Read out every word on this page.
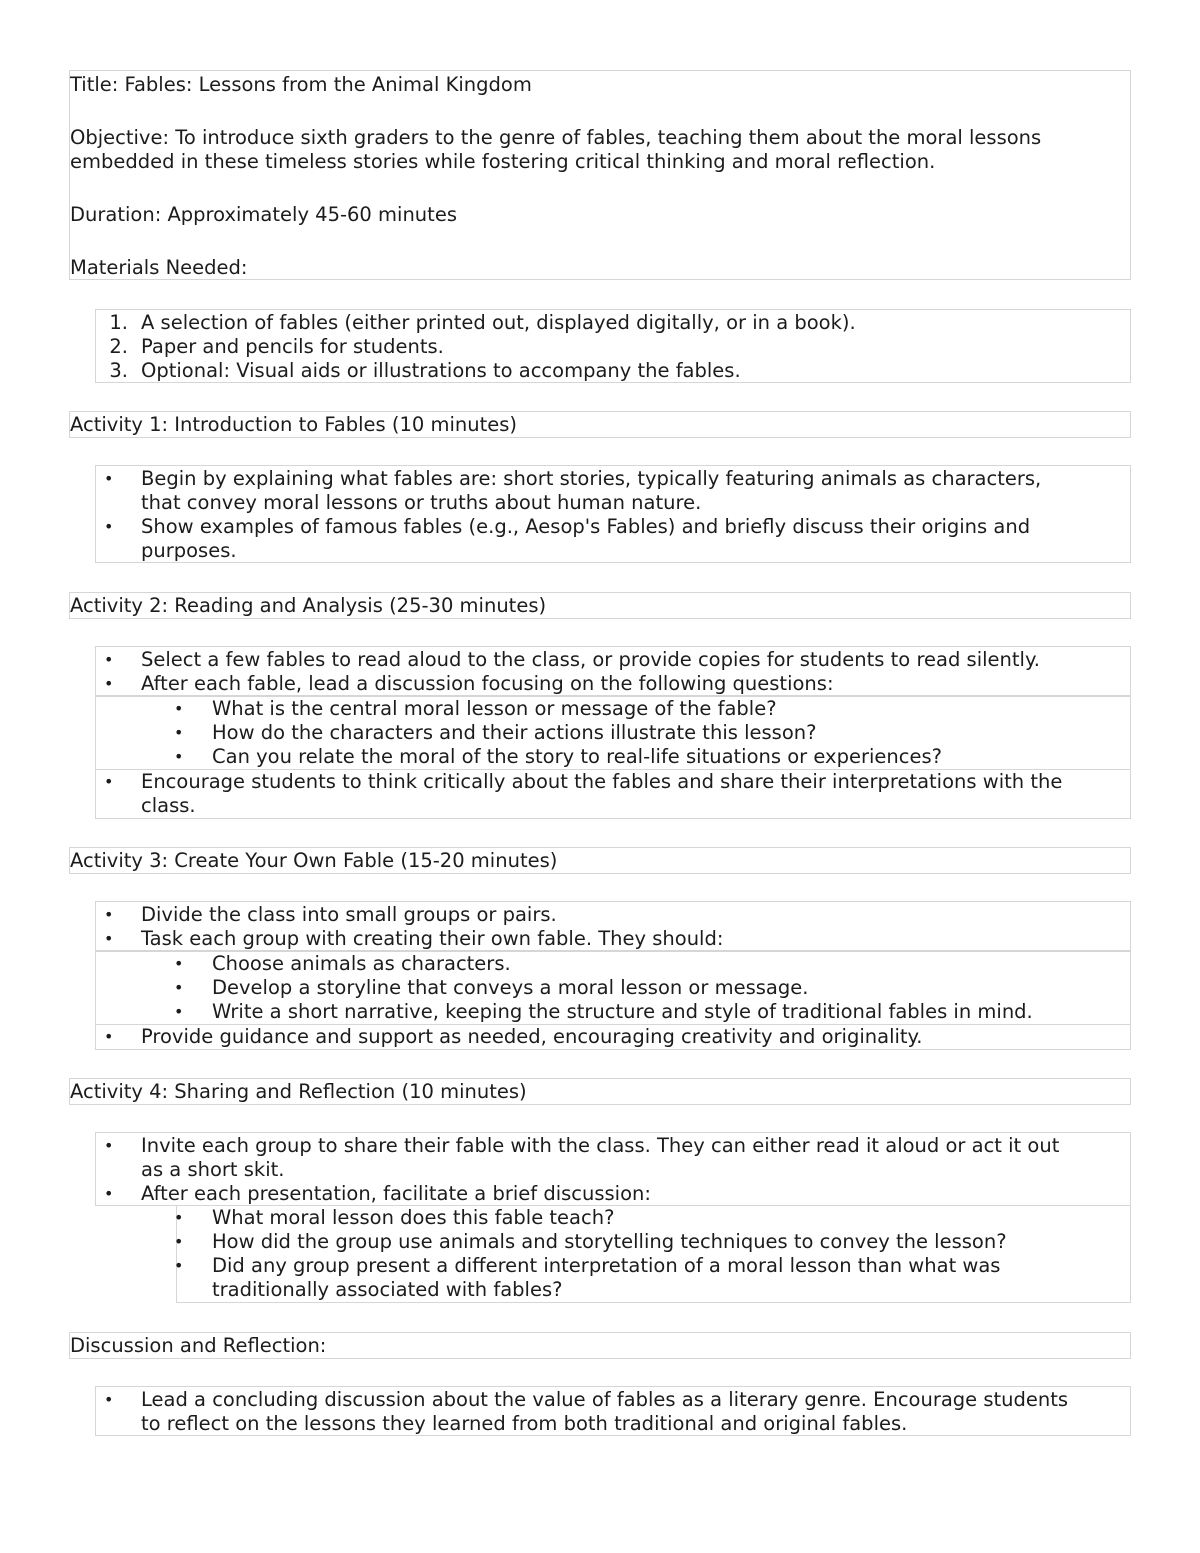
Title: Fables: Lessons from the Animal Kingdom

Objective: To introduce sixth graders to the genre of fables, teaching them about the moral lessons

embedded in these timeless stories while fostering critical thinking and moral reflection.

Duration: Approximately 45-60 minutes

Materials Needed:

1. A selection of fables (either printed out, displayed digitally, or in a book).
2. Paper and pencils for students.
3. Optional: Visual aids or illustrations to accompany the fables.

Activity 1: Introduction to Fables (10 minutes)

• Begin by explaining what fables are: short stories, typically featuring animals as characters,
that convey moral lessons or truths about human nature.
• Show examples of famous fables (e.g., Aesop's Fables) and briefly discuss their origins and
purposes.

Activity 2: Reading and Analysis (25-30 minutes)

• Select a few fables to read aloud to the class, or provide copies for students to read silently.
• After each fable, lead a discussion focusing on the following questions:
• What is the central moral lesson or message of the fable?
• How do the characters and their actions illustrate this lesson?
• Can you relate the moral of the story to real-life situations or experiences?
• Encourage students to think critically about the fables and share their interpretations with the
class.

Activity 3: Create Your Own Fable (15-20 minutes)

• Divide the class into small groups or pairs.
• Task each group with creating their own fable. They should:
• Choose animals as characters.
• Develop a storyline that conveys a moral lesson or message.
• Write a short narrative, keeping the structure and style of traditional fables in mind.
• Provide guidance and support as needed, encouraging creativity and originality.

Activity 4: Sharing and Reflection (10 minutes)

• Invite each group to share their fable with the class. They can either read it aloud or act it out
as a short skit.
• After each presentation, facilitate a brief discussion:
• What moral lesson does this fable teach?
• How did the group use animals and storytelling techniques to convey the lesson?
• Did any group present a different interpretation of a moral lesson than what was
traditionally associated with fables?

Discussion and Reflection:

• Lead a concluding discussion about the value of fables as a literary genre. Encourage students
to reflect on the lessons they learned from both traditional and original fables.
